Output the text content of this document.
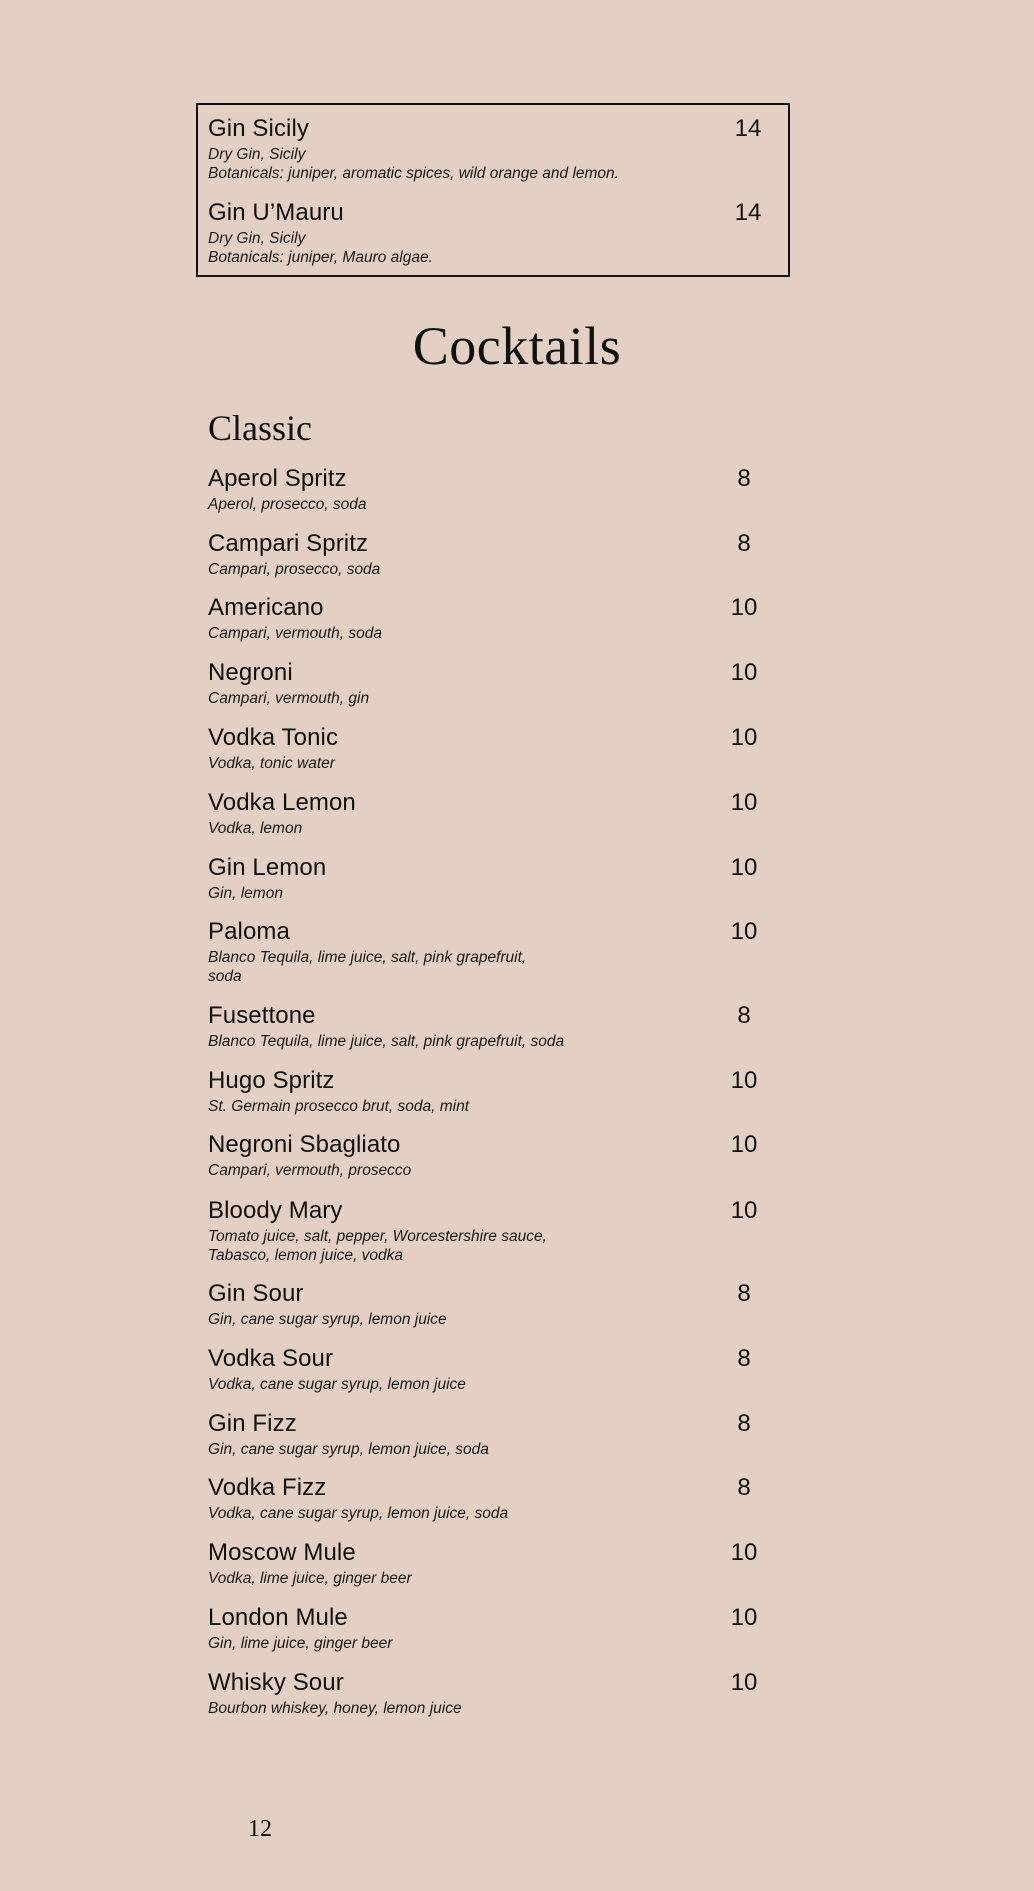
Gin Sicily	14
Dry Gin, Sicily
Botanicals: juniper, aromatic spices, wild orange and lemon.
Gin U’Mauru	14
Dry Gin, Sicily
Botanicals: juniper, Mauro algae.
Cocktails
Classic
Aperol Spritz	8
Aperol, prosecco, soda
Campari Spritz	8
Campari, prosecco, soda
Americano	10
Campari, vermouth, soda
Negroni	10
Campari, vermouth, gin
Vodka Tonic	10
Vodka, tonic water
Vodka Lemon	10
Vodka, lemon
Gin Lemon	10
Gin, lemon
Paloma	10
Blanco Tequila, lime juice, salt, pink grapefruit,
soda
Fusettone	8
Blanco Tequila, lime juice, salt, pink grapefruit, soda
Hugo Spritz	10
St. Germain prosecco brut, soda, mint
Negroni Sbagliato	10
Campari, vermouth, prosecco
Bloody Mary	10
Tomato juice, salt, pepper, Worcestershire sauce,
Tabasco, lemon juice, vodka
Gin Sour	8
Gin, cane sugar syrup, lemon juice
Vodka Sour	8
Vodka, cane sugar syrup, lemon juice
Gin Fizz	8
Gin, cane sugar syrup, lemon juice, soda
Vodka Fizz	8
Vodka, cane sugar syrup, lemon juice, soda
Moscow Mule	10
Vodka, lime juice, ginger beer
London Mule	10
Gin, lime juice, ginger beer
Whisky Sour	10
Bourbon whiskey, honey, lemon juice
12
